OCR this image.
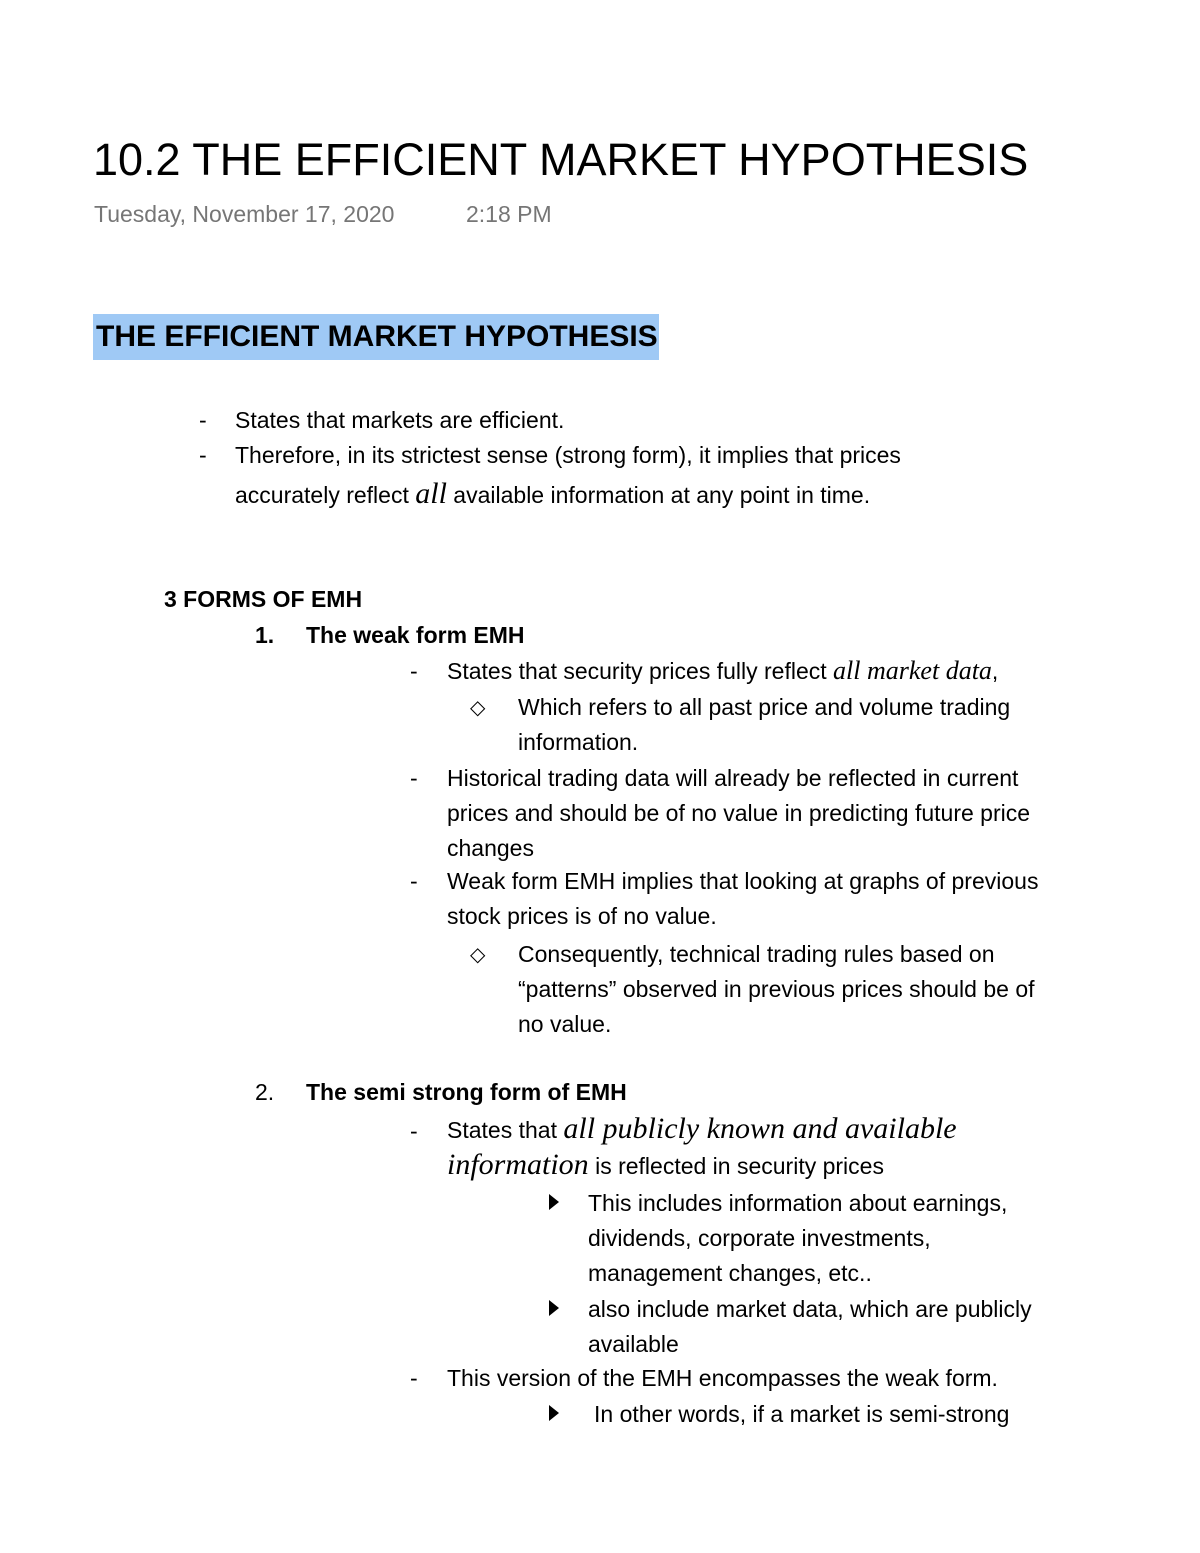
10.2 THE EFFICIENT MARKET HYPOTHESIS
Tuesday, November 17, 2020	2:18 PM
THE EFFICIENT MARKET HYPOTHESIS
- States that markets are efficient.
- Therefore, in its strictest sense (strong form), it implies that prices
accurately reflect all available information at any point in time.
3 FORMS OF EMH
1. The weak form EMH
- States that security prices fully reflect all market data,
◇ Which refers to all past price and volume trading
information.
- Historical trading data will already be reflected in current
prices and should be of no value in predicting future price
changes
- Weak form EMH implies that looking at graphs of previous
stock prices is of no value.
◇ Consequently, technical trading rules based on
“patterns” observed in previous prices should be of
no value.
2. The semi strong form of EMH
- States that all publicly known and available
information is reflected in security prices
This includes information about earnings,
dividends, corporate investments,
management changes, etc..
also include market data, which are publicly
available
- This version of the EMH encompasses the weak form.
In other words, if a market is semi-strong
